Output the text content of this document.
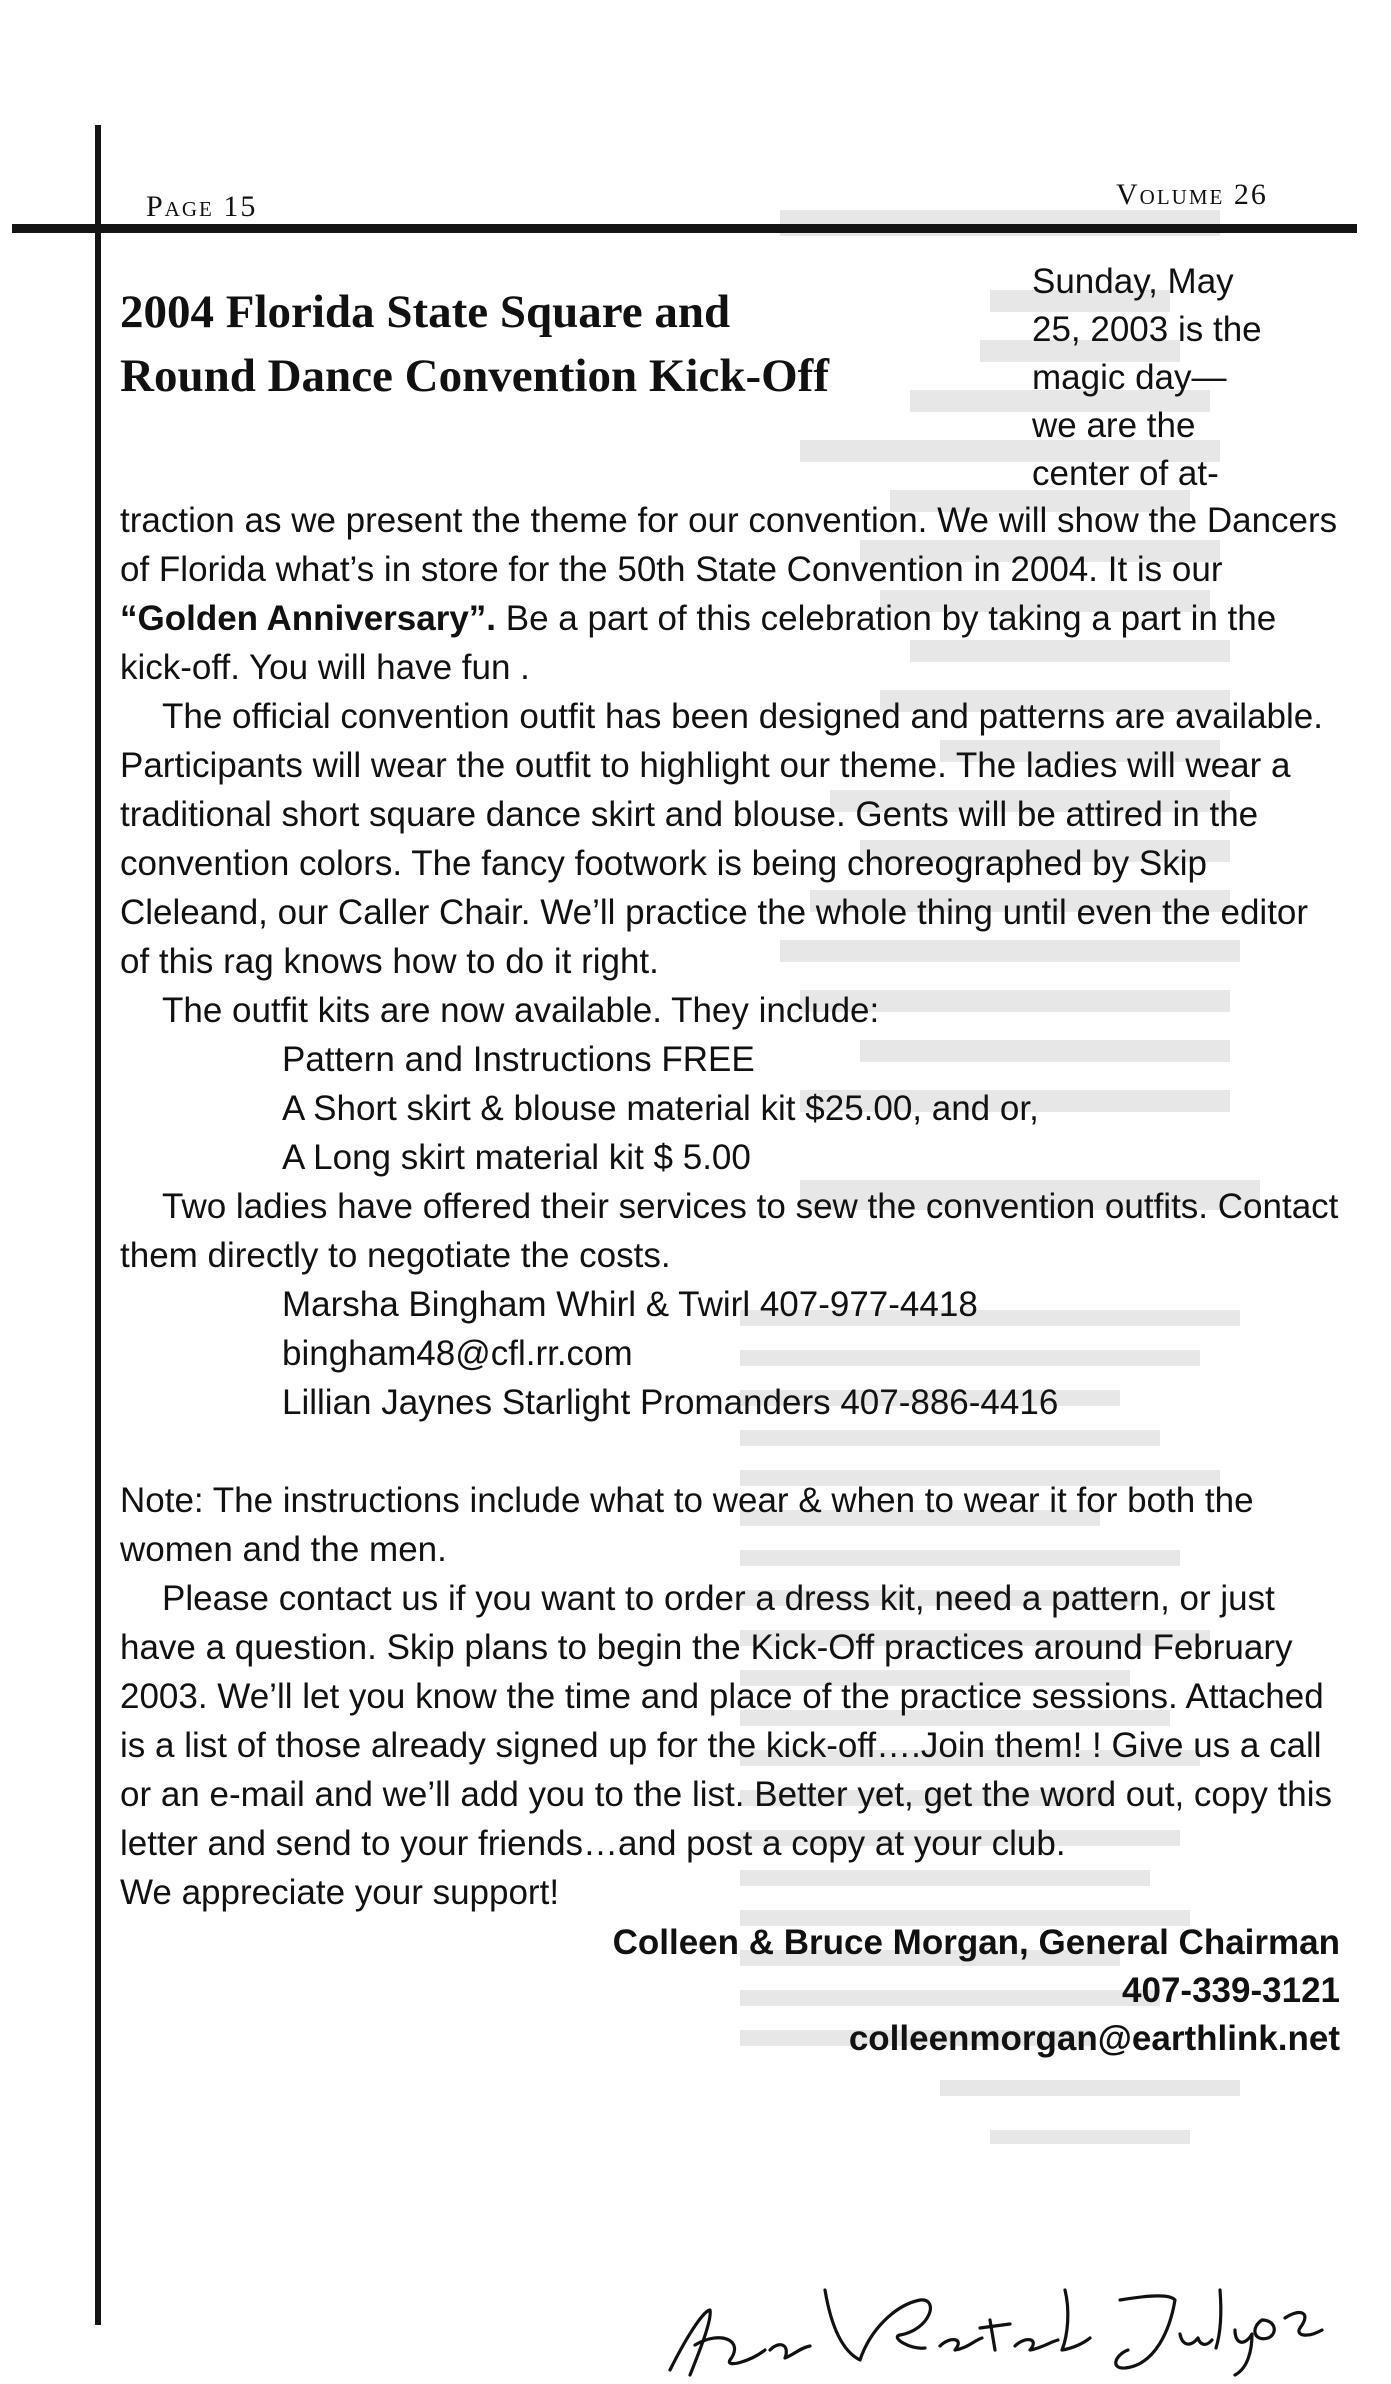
Page 15	Volume 26
2004 Florida State Square and
Round Dance Convention Kick-Off
Sunday, May
25, 2003 is the
magic day—
we are the
center of at-

traction as we present the theme for our convention. We will show the Dancers of Florida what’s in store for the 50th State Convention in 2004. It is our “Golden Anniversary”. Be a part of this celebration by taking a part in the kick-off. You will have fun .

The official convention outfit has been designed and patterns are available. Participants will wear the outfit to highlight our theme. The ladies will wear a traditional short square dance skirt and blouse. Gents will be attired in the convention colors. The fancy footwork is being choreographed by Skip Cleleand, our Caller Chair. We’ll practice the whole thing until even the editor of this rag knows how to do it right.

The outfit kits are now available. They include:

Pattern and Instructions FREE
A Short skirt & blouse material kit $25.00, and or,
A Long skirt material kit $ 5.00

Two ladies have offered their services to sew the convention outfits. Contact them directly to negotiate the costs.

Marsha Bingham Whirl & Twirl 407-977-4418
bingham48@cfl.rr.com
Lillian Jaynes Starlight Promanders 407-886-4416

Note: The instructions include what to wear & when to wear it for both the women and the men.

Please contact us if you want to order a dress kit, need a pattern, or just have a question. Skip plans to begin the Kick-Off practices around February 2003. We’ll let you know the time and place of the practice sessions. Attached is a list of those already signed up for the kick-off….Join them! ! Give us a call or an e-mail and we’ll add you to the list. Better yet, get the word out, copy this letter and send to your friends…and post a copy at your club.

We appreciate your support!

Colleen & Bruce Morgan, General Chairman
407-339-3121
colleenmorgan@earthlink.net
